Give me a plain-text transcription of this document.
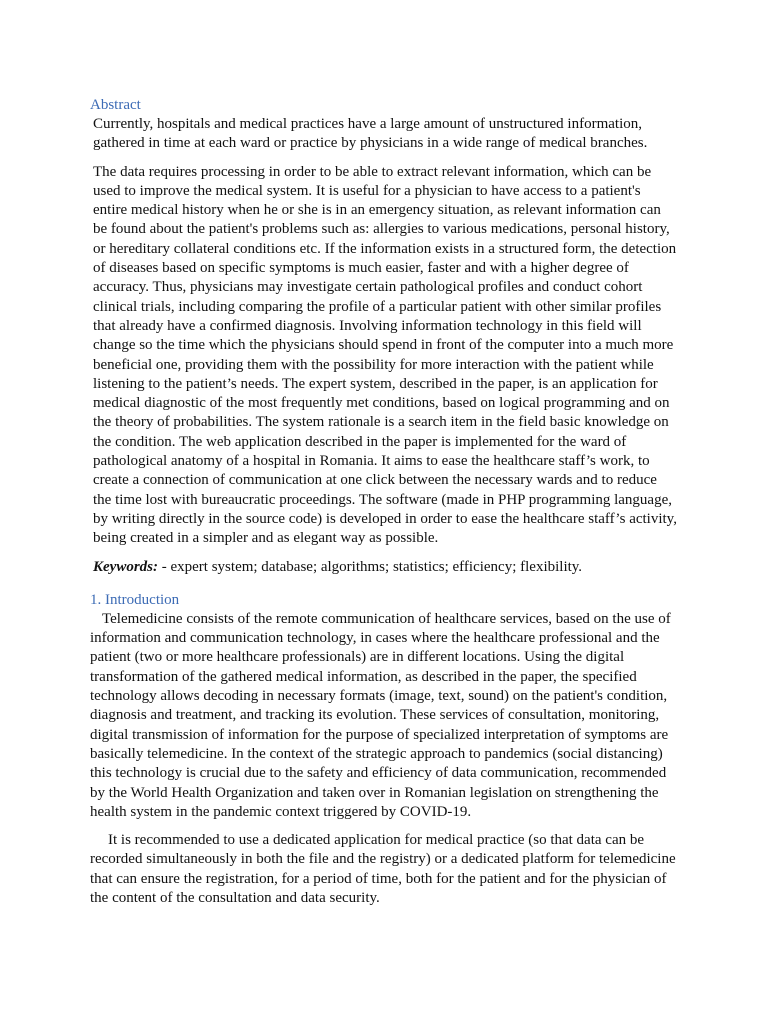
Abstract

Currently, hospitals and medical practices have a large amount of unstructured information, gathered in time at each ward or practice by physicians in a wide range of medical branches.

The data requires processing in order to be able to extract relevant information, which can be used to improve the medical system. It is useful for a physician to have access to a patient's entire medical history when he or she is in an emergency situation, as relevant information can be found about the patient's problems such as: allergies to various medications, personal history, or hereditary collateral conditions etc. If the information exists in a structured form, the detection of diseases based on specific symptoms is much easier, faster and with a higher degree of accuracy. Thus, physicians may investigate certain pathological profiles and conduct cohort clinical trials, including comparing the profile of a particular patient with other similar profiles that already have a confirmed diagnosis. Involving information technology in this field will change so the time which the physicians should spend in front of the computer into a much more beneficial one, providing them with the possibility for more interaction with the patient while listening to the patient’s needs. The expert system, described in the paper, is an application for medical diagnostic of the most frequently met conditions, based on logical programming and on the theory of probabilities. The system rationale is a search item in the field basic knowledge on the condition. The web application described in the paper is implemented for the ward of pathological anatomy of a hospital in Romania. It aims to ease the healthcare staff’s work, to create a connection of communication at one click between the necessary wards and to reduce the time lost with bureaucratic proceedings. The software (made in PHP programming language, by writing directly in the source code) is developed in order to ease the healthcare staff’s activity, being created in a simpler and as elegant way as possible.

Keywords: - expert system; database; algorithms; statistics; efficiency; flexibility.

1. Introduction

Telemedicine consists of the remote communication of healthcare services, based on the use of information and communication technology, in cases where the healthcare professional and the patient (two or more healthcare professionals) are in different locations. Using the digital transformation of the gathered medical information, as described in the paper, the specified technology allows decoding in necessary formats (image, text, sound) on the patient's condition, diagnosis and treatment, and tracking its evolution. These services of consultation, monitoring, digital transmission of information for the purpose of specialized interpretation of symptoms are basically telemedicine. In the context of the strategic approach to pandemics (social distancing) this technology is crucial due to the safety and efficiency of data communication, recommended by the World Health Organization and taken over in Romanian legislation on strengthening the health system in the pandemic context triggered by COVID-19.

It is recommended to use a dedicated application for medical practice (so that data can be recorded simultaneously in both the file and the registry) or a dedicated platform for telemedicine that can ensure the registration, for a period of time, both for the patient and for the physician of the content of the consultation and data security.
